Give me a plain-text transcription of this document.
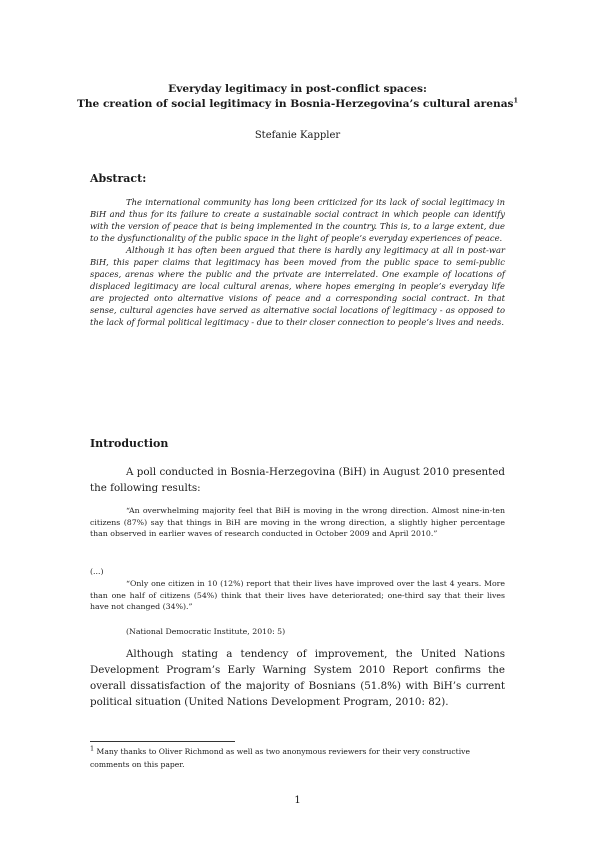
Everyday legitimacy in post-conflict spaces:
The creation of social legitimacy in Bosnia-Herzegovina’s cultural arenas$^1$
Stefanie Kappler
Abstract:

The international community has long been criticized for its lack of social legitimacy in BiH and thus for its failure to create a sustainable social contract in which people can identify with the version of peace that is being implemented in the country. This is, to a large extent, due to the dysfunctionality of the public space in the light of people’s everyday experiences of peace.

Although it has often been argued that there is hardly any legitimacy at all in post-war BiH, this paper claims that legitimacy has been moved from the public space to semi-public spaces, arenas where the public and the private are interrelated. One example of locations of displaced legitimacy are local cultural arenas, where hopes emerging in people’s everyday life are projected onto alternative visions of peace and a corresponding social contract. In that sense, cultural agencies have served as alternative social locations of legitimacy - as opposed to the lack of formal political legitimacy - due to their closer connection to people’s lives and needs.

Introduction

A poll conducted in Bosnia-Herzegovina (BiH) in August 2010 presented the following results:

“An overwhelming majority feel that BiH is moving in the wrong direction. Almost nine-in-ten citizens (87%) say that things in BiH are moving in the wrong direction, a slightly higher percentage than observed in earlier waves of research conducted in October 2009 and April 2010.”

(...)

“Only one citizen in 10 (12%) report that their lives have improved over the last 4 years. More than one half of citizens (54%) think that their lives have deteriorated; one-third say that their lives have not changed (34%).”

(National Democratic Institute, 2010: 5)

Although stating a tendency of improvement, the United Nations Development Program’s Early Warning System 2010 Report confirms the overall dissatisfaction of the majority of Bosnians (51.8%) with BiH’s current political situation (United Nations Development Program, 2010: 82).

$^1$ Many thanks to Oliver Richmond as well as two anonymous reviewers for their very constructive comments on this paper.
1
